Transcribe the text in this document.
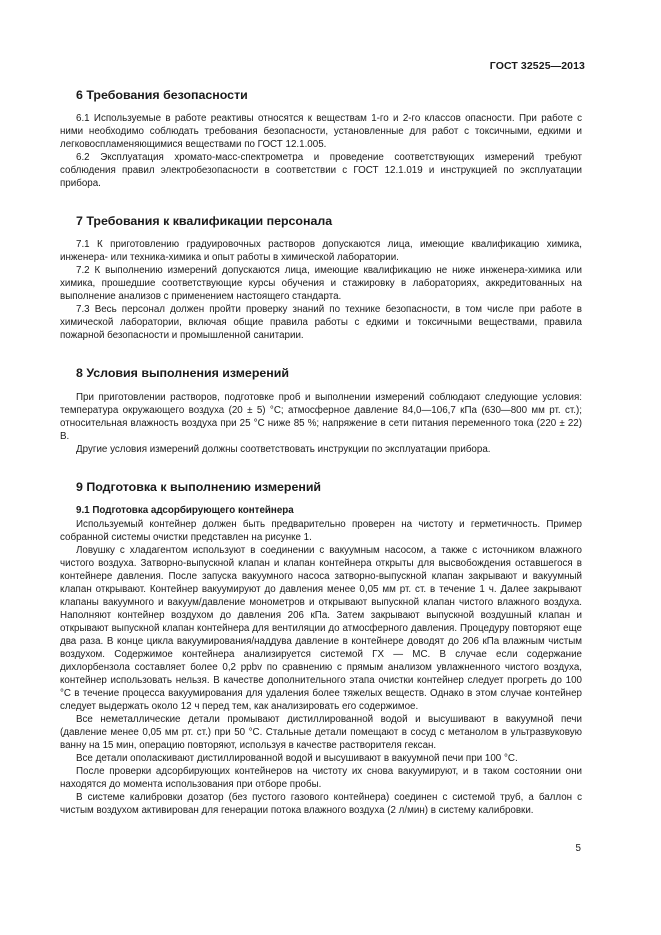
ГОСТ 32525—2013
6 Требования безопасности

6.1 Используемые в работе реактивы относятся к веществам 1-го и 2-го классов опасности. При работе с ними необходимо соблюдать требования безопасности, установленные для работ с токсичными, едкими и легковоспламеняющимися веществами по ГОСТ 12.1.005.

6.2 Эксплуатация хромато-масс-спектрометра и проведение соответствующих измерений требуют соблюдения правил электробезопасности в соответствии с ГОСТ 12.1.019 и инструкцией по эксплуатации прибора.

7 Требования к квалификации персонала

7.1 К приготовлению градуировочных растворов допускаются лица, имеющие квалификацию химика, инженера- или техника-химика и опыт работы в химической лаборатории.

7.2 К выполнению измерений допускаются лица, имеющие квалификацию не ниже инженера-химика или химика, прошедшие соответствующие курсы обучения и стажировку в лабораториях, аккредитованных на выполнение анализов с применением настоящего стандарта.

7.3 Весь персонал должен пройти проверку знаний по технике безопасности, в том числе при работе в химической лаборатории, включая общие правила работы с едкими и токсичными веществами, правила пожарной безопасности и промышленной санитарии.

8 Условия выполнения измерений

При приготовлении растворов, подготовке проб и выполнении измерений соблюдают следующие условия: температура окружающего воздуха (20 ± 5) °С; атмосферное давление 84,0—106,7 кПа (630—800 мм рт. ст.); относительная влажность воздуха при 25 °С ниже 85 %; напряжение в сети питания переменного тока (220 ± 22) В.

Другие условия измерений должны соответствовать инструкции по эксплуатации прибора.

9 Подготовка к выполнению измерений
9.1 Подготовка адсорбирующего контейнера

Используемый контейнер должен быть предварительно проверен на чистоту и герметичность. Пример собранной системы очистки представлен на рисунке 1.

Ловушку с хладагентом используют в соединении с вакуумным насосом, а также с источником влажного чистого воздуха. Затворно-выпускной клапан и клапан контейнера открыты для высвобождения оставшегося в контейнере давления. После запуска вакуумного насоса затворно-выпускной клапан закрывают и вакуумный клапан открывают. Контейнер вакуумируют до давления менее 0,05 мм рт. ст. в течение 1 ч. Далее закрывают клапаны вакуумного и вакуум/давление монометров и открывают выпускной клапан чистого влажного воздуха. Наполняют контейнер воздухом до давления 206 кПа. Затем закрывают выпускной воздушный клапан и открывают выпускной клапан контейнера для вентиляции до атмосферного давления. Процедуру повторяют еще два раза. В конце цикла вакуумирования/наддува давление в контейнере доводят до 206 кПа влажным чистым воздухом. Содержимое контейнера анализируется системой ГХ — МС. В случае если содержание дихлорбензола составляет более 0,2 ppbv по сравнению с прямым анализом увлажненного чистого воздуха, контейнер использовать нельзя. В качестве дополнительного этапа очистки контейнер следует прогреть до 100 °С в течение процесса вакуумирования для удаления более тяжелых веществ. Однако в этом случае контейнер следует выдержать около 12 ч перед тем, как анализировать его содержимое.

Все неметаллические детали промывают дистиллированной водой и высушивают в вакуумной печи (давление менее 0,05 мм рт. ст.) при 50 °С. Стальные детали помещают в сосуд с метанолом в ультразвуковую ванну на 15 мин, операцию повторяют, используя в качестве растворителя гексан.

Все детали ополаскивают дистиллированной водой и высушивают в вакуумной печи при 100 °С.

После проверки адсорбирующих контейнеров на чистоту их снова вакуумируют, и в таком состоянии они находятся до момента использования при отборе пробы.

В системе калибровки дозатор (без пустого газового контейнера) соединен с системой труб, а баллон с чистым воздухом активирован для генерации потока влажного воздуха (2 л/мин) в систему калибровки.

5
